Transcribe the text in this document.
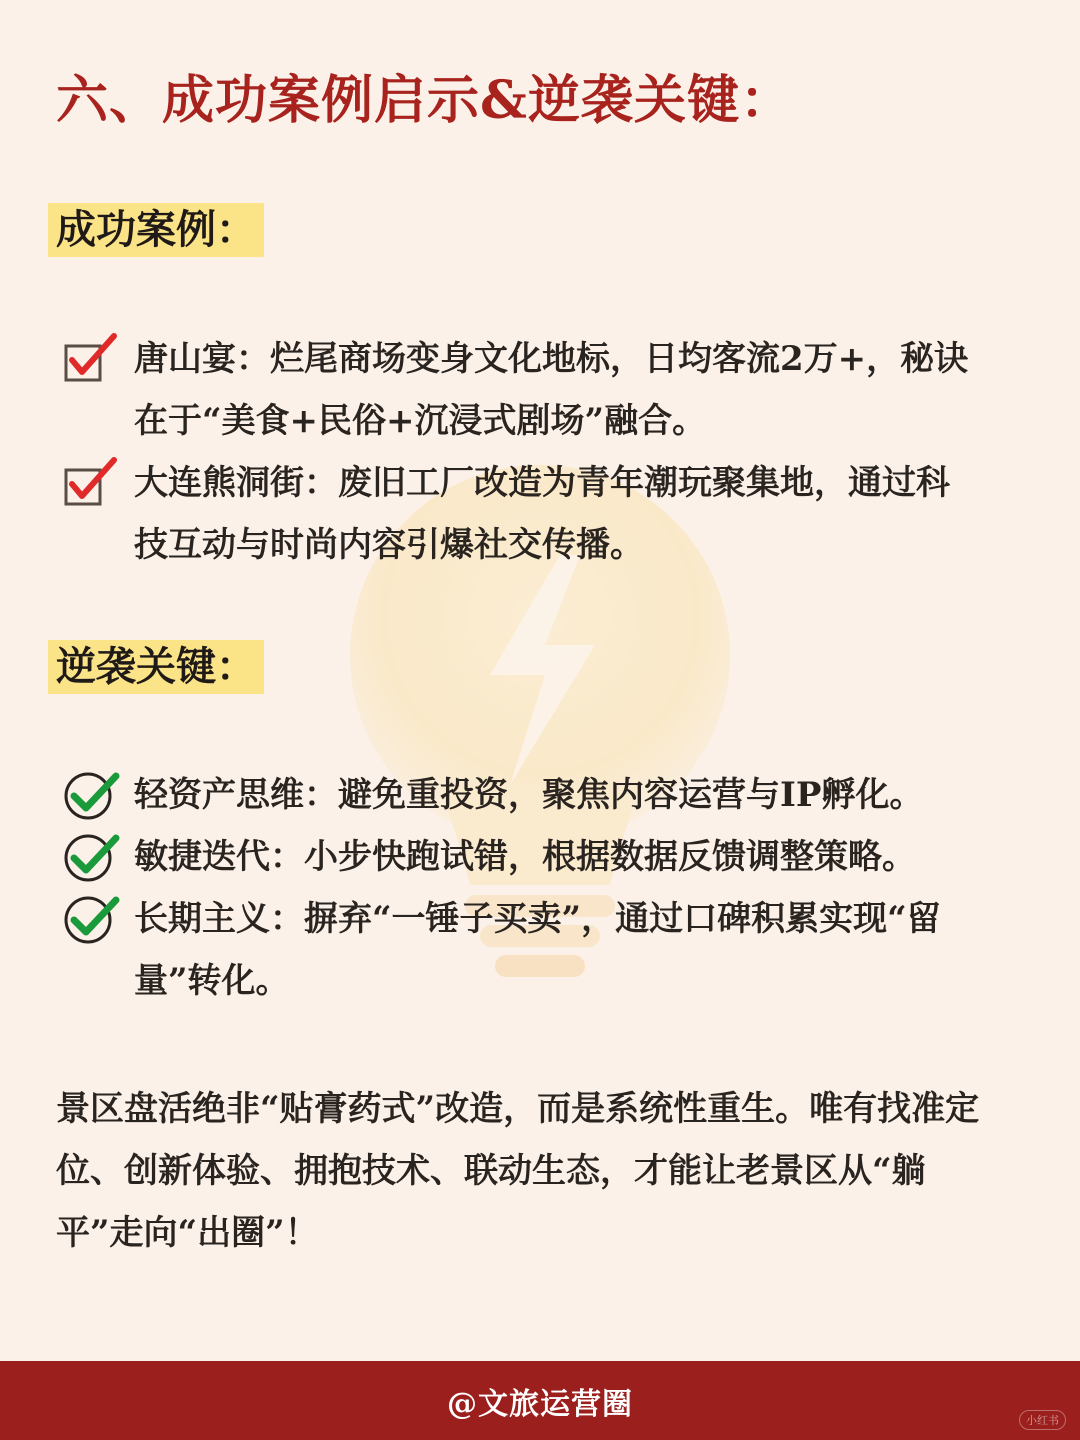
六、成功案例启示&逆袭关键：
成功案例：
唐山宴：烂尾商场变身文化地标，日均客流2万+，秘诀在于“美食+民俗+沉浸式剧场”融合。
大连熊洞街：废旧工厂改造为青年潮玩聚集地，通过科技互动与时尚内容引爆社交传播。
逆袭关键：
轻资产思维：避免重投资，聚焦内容运营与IP孵化。
敏捷迭代：小步快跑试错，根据数据反馈调整策略。
长期主义：摒弃“一锤子买卖”，通过口碑积累实现“留量”转化。

景区盘活绝非“贴膏药式”改造，而是系统性重生。唯有找准定位、创新体验、拥抱技术、联动生态，才能让老景区从“躺平”走向“出圈”！

@文旅运营圈	小红书
